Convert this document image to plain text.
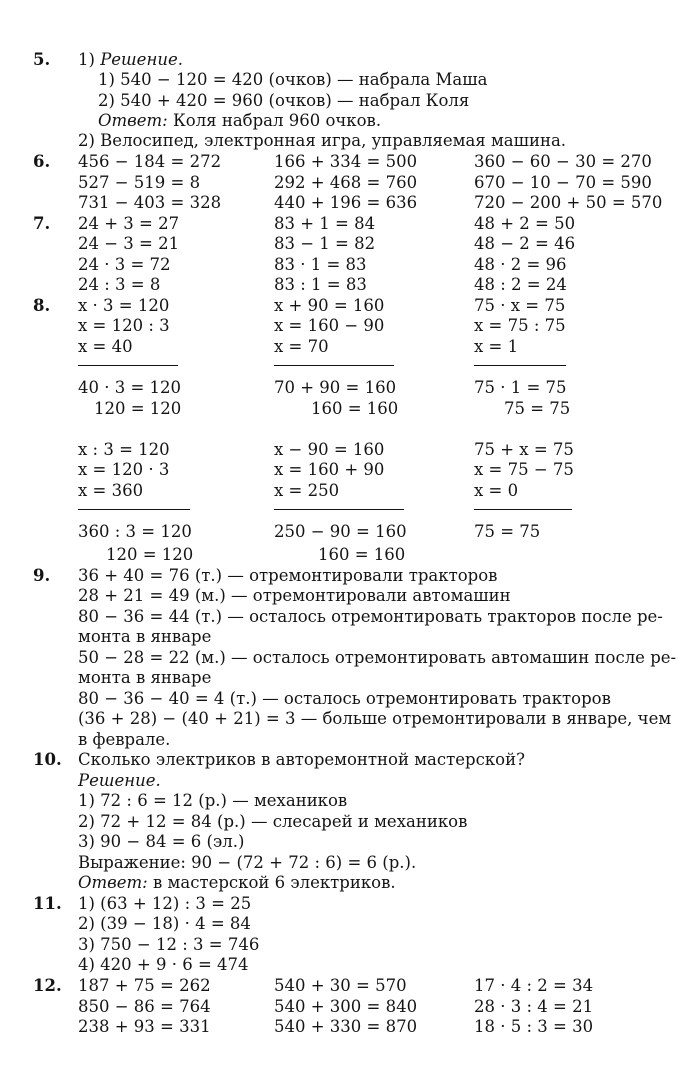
5. 1) Решение.
1) 540 − 120 = 420 (очков) — набрала Маша
2) 540 + 420 = 960 (очков) — набрал Коля
Ответ: Коля набрал 960 очков.
2) Велосипед, электронная игра, управляемая машина.
6. 456 − 184 = 272	166 + 334 = 500	360 − 60 − 30 = 270
527 − 519 = 8	292 + 468 = 760	670 − 10 − 70 = 590
731 − 403 = 328	440 + 196 = 636	720 − 200 + 50 = 570
7. 24 + 3 = 27	83 + 1 = 84	48 + 2 = 50
24 − 3 = 21	83 − 1 = 82	48 − 2 = 46
24 · 3 = 72	83 · 1 = 83	48 · 2 = 96
24 : 3 = 8	83 : 1 = 83	48 : 2 = 24
8. x · 3 = 120	x + 90 = 160	75 · x = 75
x = 120 : 3	x = 160 − 90	x = 75 : 75
x = 40	x = 70	x = 1
40 · 3 = 120	70 + 90 = 160	75 · 1 = 75
120 = 120	160 = 160	75 = 75
x : 3 = 120	x − 90 = 160	75 + x = 75
x = 120 · 3	x = 160 + 90	x = 75 − 75
x = 360	x = 250	x = 0
360 : 3 = 120	250 − 90 = 160	75 = 75
120 = 120	160 = 160
9. 36 + 40 = 76 (т.) — отремонтировали тракторов
28 + 21 = 49 (м.) — отремонтировали автомашин
80 − 36 = 44 (т.) — осталось отремонтировать тракторов после ре-
монта в январе
50 − 28 = 22 (м.) — осталось отремонтировать автомашин после ре-
монта в январе
80 − 36 − 40 = 4 (т.) — осталось отремонтировать тракторов
(36 + 28) − (40 + 21) = 3 — больше отремонтировали в январе, чем
в феврале.
10. Сколько электриков в авторемонтной мастерской?
Решение.
1) 72 : 6 = 12 (р.) — механиков
2) 72 + 12 = 84 (р.) — слесарей и механиков
3) 90 − 84 = 6 (эл.)
Выражение: 90 − (72 + 72 : 6) = 6 (р.).
Ответ: в мастерской 6 электриков.
11. 1) (63 + 12) : 3 = 25
2) (39 − 18) · 4 = 84
3) 750 − 12 : 3 = 746
4) 420 + 9 · 6 = 474
12. 187 + 75 = 262	540 + 30 = 570	17 · 4 : 2 = 34
850 − 86 = 764	540 + 300 = 840	28 · 3 : 4 = 21
238 + 93 = 331	540 + 330 = 870	18 · 5 : 3 = 30
